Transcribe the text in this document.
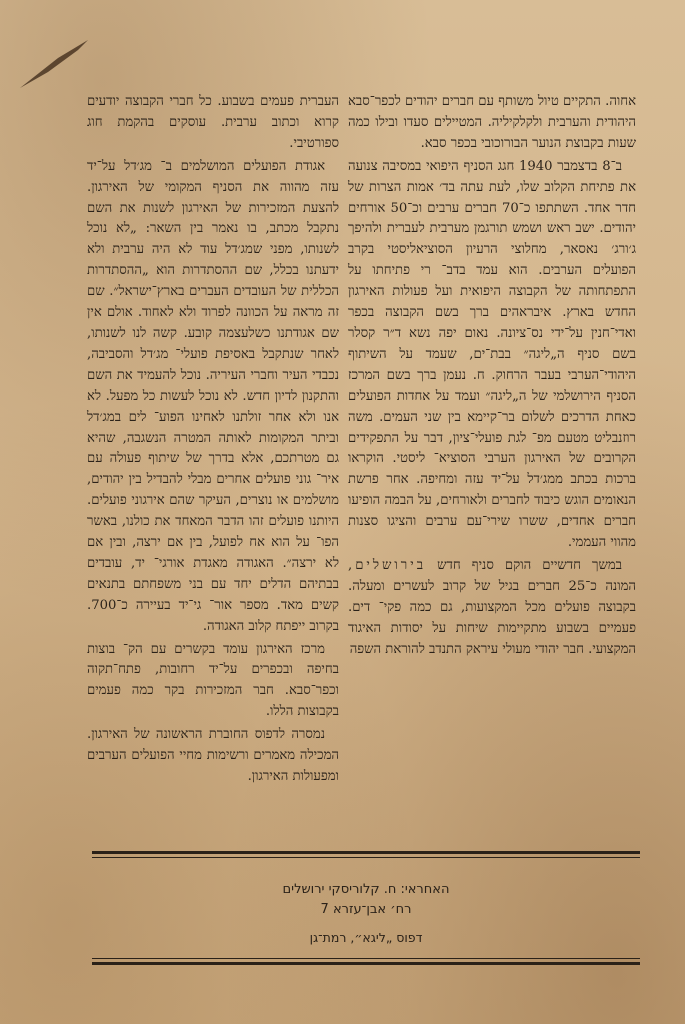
אחוה. התקיים טיול משותף עם חברים יהודים לכפר־סבא היהודית והערבית ולקלקיליה. המטיילים סעדו ובילו כמה שעות בקבוצת הנוער הבורוכובי בכפר סבא.

ב־8 בדצמבר 1940 חגג הסניף היפואי במסיבה צנועה את פתיחת הקלוב שלו, לעת עתה בד׳ אמות הצרות של חדר אחד. השתתפו כ־70 חברים ערבים וכ־50 אורחים יהודים. ישב ראש ושמש תורגמן מערבית לעברית ולהיפך ג׳ורג׳ נאסאר, מחלוצי הרעיון הסוציאליסטי בקרב הפועלים הערבים. הוא עמד בדב־ רי פתיחתו על התפתחותה של הקבוצה היפואית ועל פעולות האירגון החדש בארץ. איבראהים ברך בשם הקבוצה בכפר ואדי־חנין על־ידי נס־ציונה. נאום יפה נשא ד״ר קסלר בשם סניף ה„ליגה״ בבת־ים, שעמד על השיתוף היהודי־הערבי בעבר הרחוק. ח. נעמן ברך בשם המרכז הסניף הירושלמי של ה„ליגה״ ועמד על אחדות הפועלים כאחת הדרכים לשלום בר־קיימא בין שני העמים. משה רוזנבליט מטעם מפ־ לגת פועלי־ציון, דבר על התפקידים הקרובים של האירגון הערבי הסוציא־ ליסטי. הוקראו ברכות בכתב ממג׳דל על־יד עזה ומחיפה. אחר פרשת הנאומים הוגש כיבוד לחברים ולאורחים, על הבמה הופיעו חברים אחדים, ששרו שירי־עם ערבים והציגו סצנות מהווי העממי.

במשך חדשיים הוקם סניף חדש בירושלים, המונה כ־25 חברים בגיל של קרוב לעשרים ומעלה. בקבוצה פועלים מכל המקצועות, גם כמה פקי־ דים. פעמיים בשבוע מתקיימות שיחות על יסודות האיגוד המקצועי. חבר יהודי מעולי עיראק התנדב להוראת השפה

העברית פעמים בשבוע. כל חברי הקבוצה יודעים קרוא וכתוב ערבית. עוסקים בהקמת חוג ספורטיבי.

אגודת הפועלים המושלמים ב־ מג׳דל על־יד עזה מהווה את הסניף המקומי של האירגון. להצעת המזכירות של האירגון לשנות את השם נתקבל מכתב, בו נאמר בין השאר: „לא נוכל לשנותו, מפני שמג׳דל עוד לא היה ערבית ולא ידעתנו בכלל, שם ההסתדרות הוא „ההסתדרות הכללית של העובדים העברים בארץ־ישראל״. שם זה מראה על הכוונה לפרוד ולא לאחוד. אולם אין שם אגודתנו כשלעצמה קובע. קשה לנו לשנותו, לאחר שנתקבל באסיפת פועלי־ מג׳דל והסביבה, נכבדי העיר וחברי העיריה. נוכל להעמיד את השם והתקנון לדיון חדש. לא נוכל לעשות כל מפעל. לא אנו ולא אחר זולתנו לאחינו הפוע־ לים במג׳דל וביתר המקומות לאותה המטרה הנשגבה, שהיא גם מטרתכם, אלא בדרך של שיתוף פעולה עם איר־ גוני פועלים אחרים מבלי להבדיל בין יהודים, מושלמים או נוצרים, העיקר שהם אירגוני פועלים. היותנו פועלים זהו הדבר המאחד את כולנו, באשר הפו־ על הוא אח לפועל, בין אם ירצה, ובין אם לא ירצה״. האגודה מאגדת אורגי־ יד, עובדים בבתיהם הדלים יחד עם בני משפחתם בתנאים קשים מאד. מספר אור־ גי־יד בעיירה כ־700. בקרוב ייפתח קלוב האגודה.

מרכז האירגון עומד בקשרים עם הק־ בוצות בחיפה ובכפרים על־יד רחובות, פתח־תקוה וכפר־סבא. חבר המזכירות בקר כמה פעמים בקבוצות הללו.

נמסרה לדפוס החוברת הראשונה של האירגון. המכילה מאמרים ורשימות מחיי הפועלים הערבים ומפעולות האירגון.

האחראי: ח. קלוריסקי ירושלים
רח׳ אבן־עזרא 7
דפוס „ליגא״, רמת־גן
